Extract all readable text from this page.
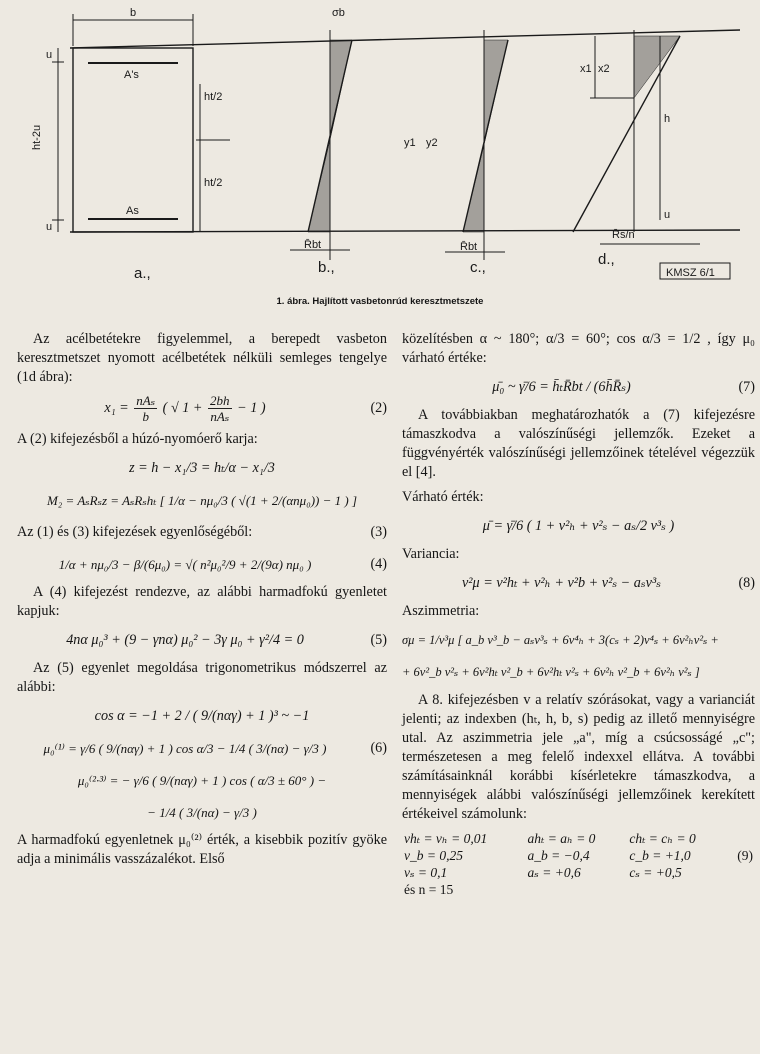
b
A's
As
ht-2u
u
u
ht/2
ht/2
σb
y1 y2
x1 x2
h
u
R̄bt	R̄bt
R̄s/n
a.,	b.,	c.,	d.,
KMSZ 6/1
1. ábra. Hajlított vasbetonrúd keresztmetszete

Az acélbetétekre figyelemmel, a berepedt vasbeton keresztmetszet nyomott acélbetétek nélküli semleges tengelye (1d ábra):

$x_1 = \frac{\text{nAₛ}}{b}$ ( √ $1 + \frac{2bh}{\text{nAₛ}} - 1$ )	(2)

A (2) kifejezésből a húzó-nyomóerő karja:

z = h − x₁/3 = hₜ/α − x₁/3
M₂ = AₛRₛz = AₛRₛhₜ [ 1/α − nμ₀/3 ( √(1 + 2/(αnμ₀)) − 1 ) ]
Az (1) és (3) kifejezések egyenlőségéből:	(3)
1/α + nμ₀/3 − β/(6μ₀) = √( n²μ₀²/9 + 2/(9α) nμ₀ )	(4)

A (4) kifejezést rendezve, az alábbi harmadfokú gyenletet kapjuk:

4nα μ₀³ + (9 − γnα) μ₀² − 3γ μ₀ + γ²/4 = 0	(5)

Az (5) egyenlet megoldása trigonometrikus módszerrel az alábbi:

cos α = −1 + 2 / ( 9/(nαγ) + 1 )³ ~ −1
μ₀⁽¹⁾ = γ/6 ( 9/(nαγ) + 1 ) cos α/3 − 1/4 ( 3/(nα) − γ/3 )	(6)
μ₀⁽²·³⁾ = − γ/6 ( 9/(nαγ) + 1 ) cos ( α/3 ± 60° ) −
− 1/4 ( 3/(nα) − γ/3 )

A harmadfokú egyenletnek μ₀⁽²⁾ érték, a kisebbik pozitív gyöke adja a minimális vasszázalékot. Első

közelítésben α ~ 180°; α/3 = 60°; cos α/3 = 1/2 , így μ₀ várható értéke:

μ̄₀ ~ γ̄/6 = h̄ₜR̄bt / (6h̄R̄ₛ)	(7)

A továbbiakban meghatározhatók a (7) kifejezésre támaszkodva a valószínűségi jellemzők. Ezeket a függvényérték valószínűségi jellemzőinek tételével végezzük el [4].

Várható érték:

μ̄ = γ̄/6 ( 1 + v²ₕ + v²ₛ − aₛ/2 v³ₛ )

Variancia:

v²μ = v²hₜ + v²ₕ + v²b + v²ₛ − aₛv³ₛ	(8)

Aszimmetria:

σμ = 1/v³μ [ a_b v³_b − aₛv³ₛ + 6v⁴ₕ + 3(cₛ + 2)v⁴ₛ + 6v²ₕv²ₛ +
+ 6v²_b v²ₛ + 6v²hₜ v²_b + 6v²hₜ v²ₛ + 6v²ₕ v²_b + 6v²ₕ v²ₛ ]

A 8. kifejezésben v a relatív szórásokat, vagy a varianciát jelenti; az indexben (hₜ, h, b, s) pedig az illető mennyiségre utal. Az aszimmetria jele „a", míg a csúcsosságé „c"; természetesen a meg felelő indexxel ellátva. A további számításainknál korábbi kísérletekre támaszkodva, a mennyiségek alábbi valószínűségi jellemzőinek kerekített értékeivel számolunk:

vhₜ = vₕ = 0,01	ahₜ = aₕ = 0	chₜ = cₕ = 0	
v_b = 0,25	a_b = −0,4	c_b = +1,0	(9)
vₛ = 0,1	aₛ = +0,6	cₛ = +0,5	
és n = 15			
